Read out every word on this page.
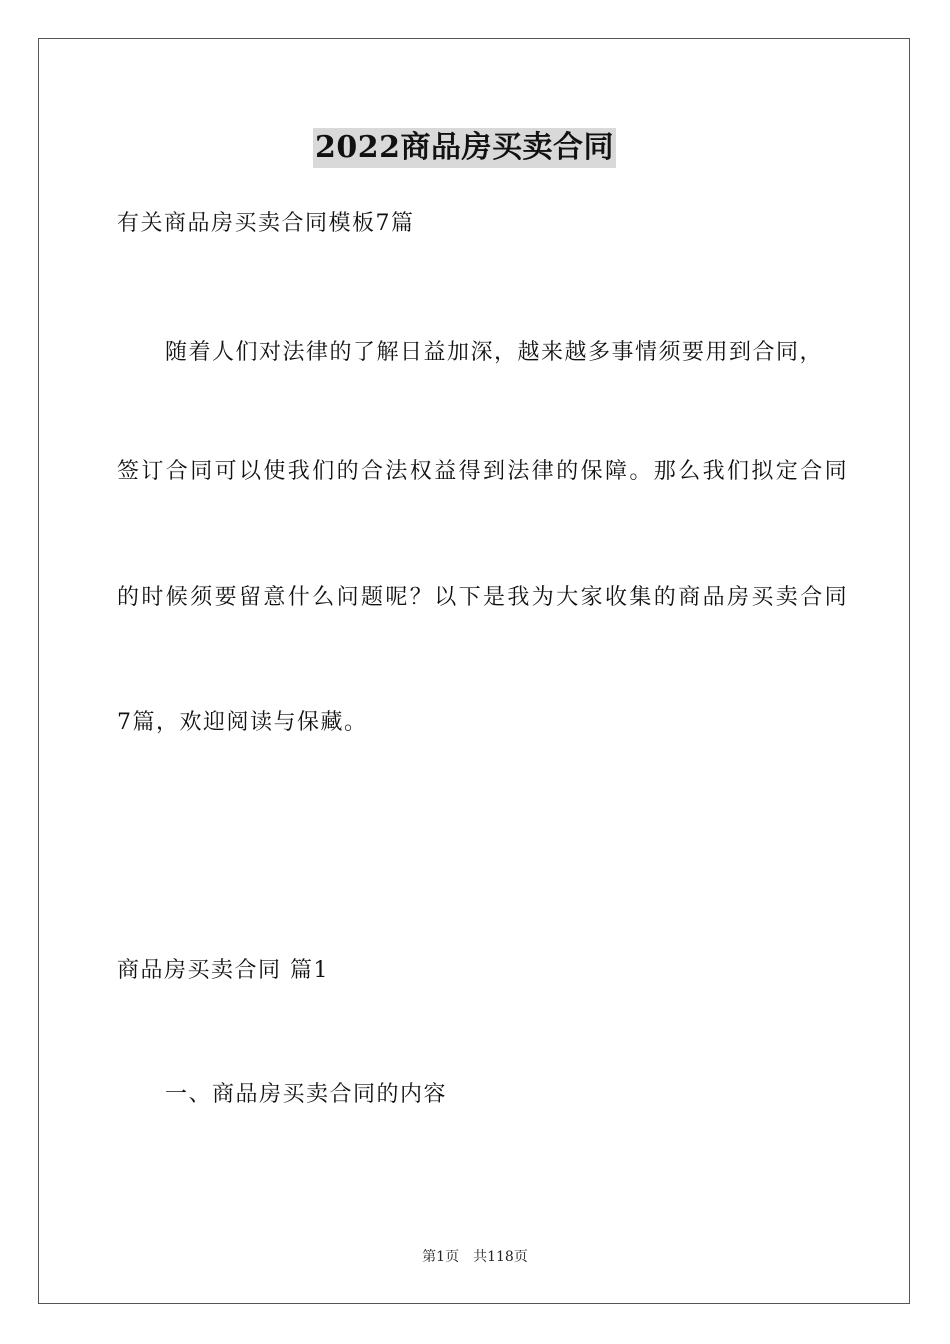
2022商品房买卖合同
有关商品房买卖合同模板7篇
随着人们对法律的了解日益加深，越来越多事情须要用到合同，
签订合同可以使我们的合法权益得到法律的保障。那么我们拟定合同
的时候须要留意什么问题呢？以下是我为大家收集的商品房买卖合同
7篇，欢迎阅读与保藏。
商品房买卖合同 篇1
一、商品房买卖合同的内容
第1页 共118页
